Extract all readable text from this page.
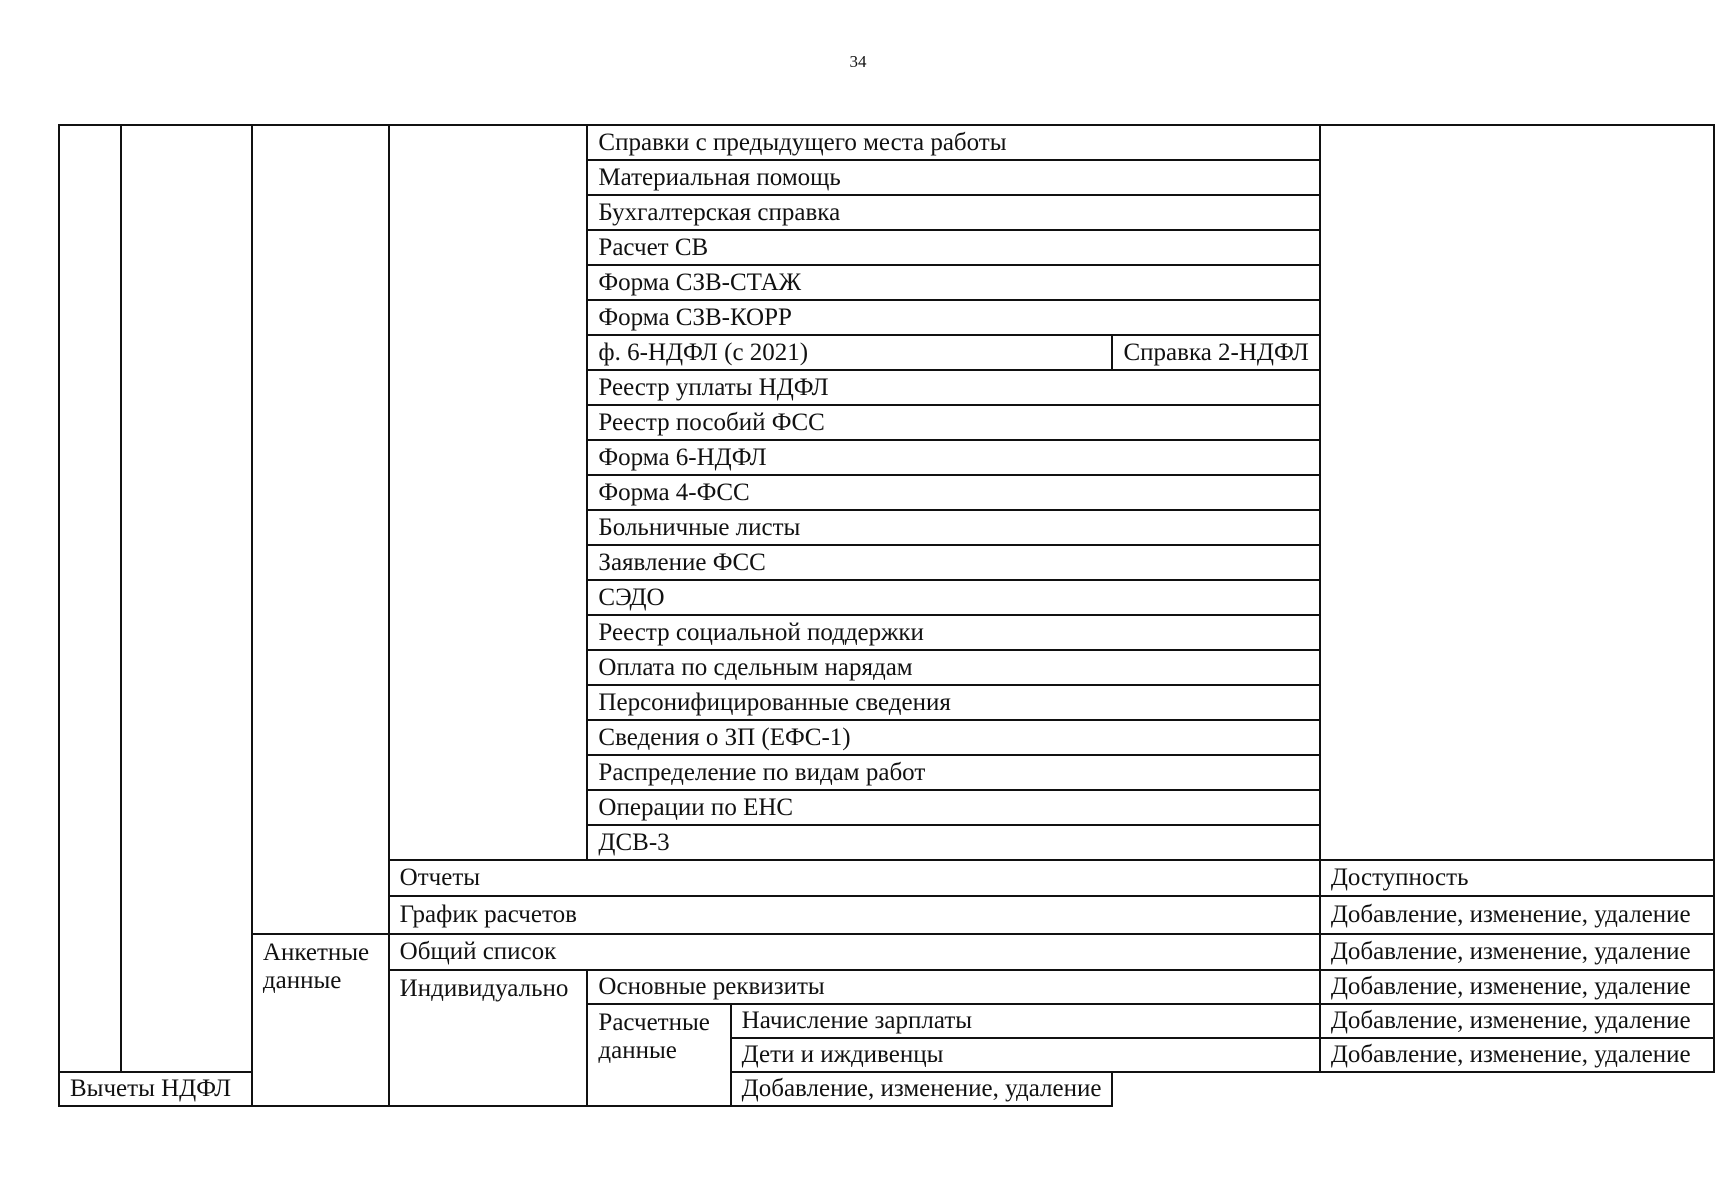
34
				Справки с предыдущего места работы			
				Материальная помощь			
				Бухгалтерская справка			
				Расчет СВ			
				Форма СЗВ-СТАЖ			
				Форма СЗВ-КОРР			
				ф. 6-НДФЛ (с 2021)		Справка 2-НДФЛ	
				Реестр уплаты НДФЛ			
				Реестр пособий ФСС			
				Форма 6-НДФЛ			
				Форма 4-ФСС			
				Больничные листы			
				Заявление ФСС			
				СЭДО			
				Реестр социальной поддержки			
				Оплата по сдельным нарядам			
				Персонифицированные сведения			
				Сведения о ЗП (ЕФС-1)			
				Распределение по видам работ			
				Операции по ЕНС			
				ДСВ-3			
			Отчеты				Доступность
			График расчетов				Добавление, изменение, удаление
		Анкетные данные	Общий список				Добавление, изменение, удаление
			Индивидуально	Основные реквизиты			Добавление, изменение, удаление
				Расчетные данные	Начисление зарплаты		Добавление, изменение, удаление
					Дети и иждивенцы		Добавление, изменение, удаление
Вычеты НДФЛ					Добавление, изменение, удаление		
